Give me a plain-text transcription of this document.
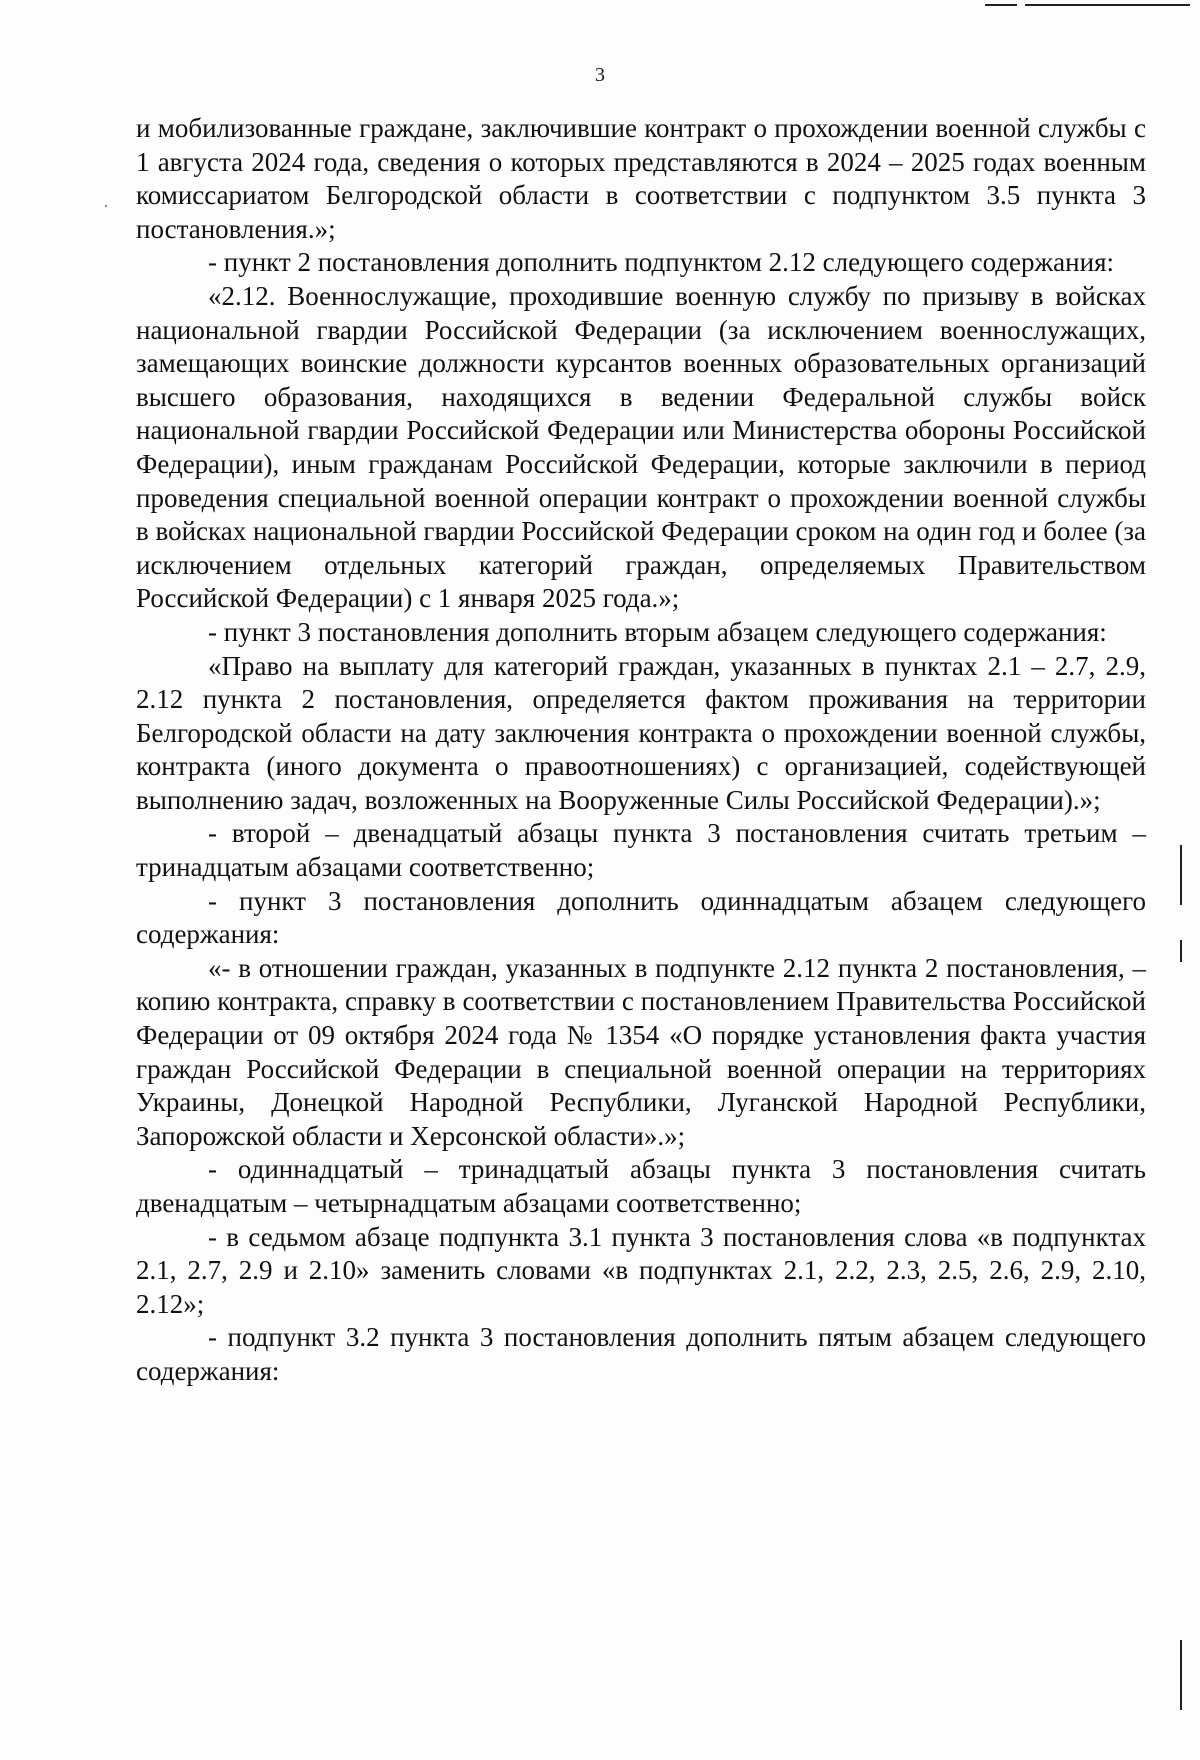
3

и мобилизованные граждане, заключившие контракт о прохождении военной службы с 1 августа 2024 года, сведения о которых представляются в 2024 – 2025 годах военным комиссариатом Белгородской области в соответствии с подпунктом 3.5 пункта 3 постановления.»;

- пункт 2 постановления дополнить подпунктом 2.12 следующего содержания:

«2.12. Военнослужащие, проходившие военную службу по призыву в войсках национальной гвардии Российской Федерации (за исключением военнослужащих, замещающих воинские должности курсантов военных образовательных организаций высшего образования, находящихся в ведении Федеральной службы войск национальной гвардии Российской Федерации или Министерства обороны Российской Федерации), иным гражданам Российской Федерации, которые заключили в период проведения специальной военной операции контракт о прохождении военной службы в войсках национальной гвардии Российской Федерации сроком на один год и более (за исключением отдельных категорий граждан, определяемых Правительством Российской Федерации) с 1 января 2025 года.»;

- пункт 3 постановления дополнить вторым абзацем следующего содержания:

«Право на выплату для категорий граждан, указанных в пунктах 2.1 – 2.7, 2.9, 2.12 пункта 2 постановления, определяется фактом проживания на территории Белгородской области на дату заключения контракта о прохождении военной службы, контракта (иного документа о правоотношениях) с организацией, содействующей выполнению задач, возложенных на Вооруженные Силы Российской Федерации).»;

- второй – двенадцатый абзацы пункта 3 постановления считать третьим – тринадцатым абзацами соответственно;

- пункт 3 постановления дополнить одиннадцатым абзацем следующего содержания:

«- в отношении граждан, указанных в подпункте 2.12 пункта 2 постановления, – копию контракта, справку в соответствии с постановлением Правительства Российской Федерации от 09 октября 2024 года № 1354 «О порядке установления факта участия граждан Российской Федерации в специальной военной операции на территориях Украины, Донецкой Народной Республики, Луганской Народной Республики, Запорожской области и Херсонской области».»;

- одиннадцатый – тринадцатый абзацы пункта 3 постановления считать двенадцатым – четырнадцатым абзацами соответственно;

- в седьмом абзаце подпункта 3.1 пункта 3 постановления слова «в подпунктах 2.1, 2.7, 2.9 и 2.10» заменить словами «в подпунктах 2.1, 2.2, 2.3, 2.5, 2.6, 2.9, 2.10, 2.12»;

- подпункт 3.2 пункта 3 постановления дополнить пятым абзацем следующего содержания:
